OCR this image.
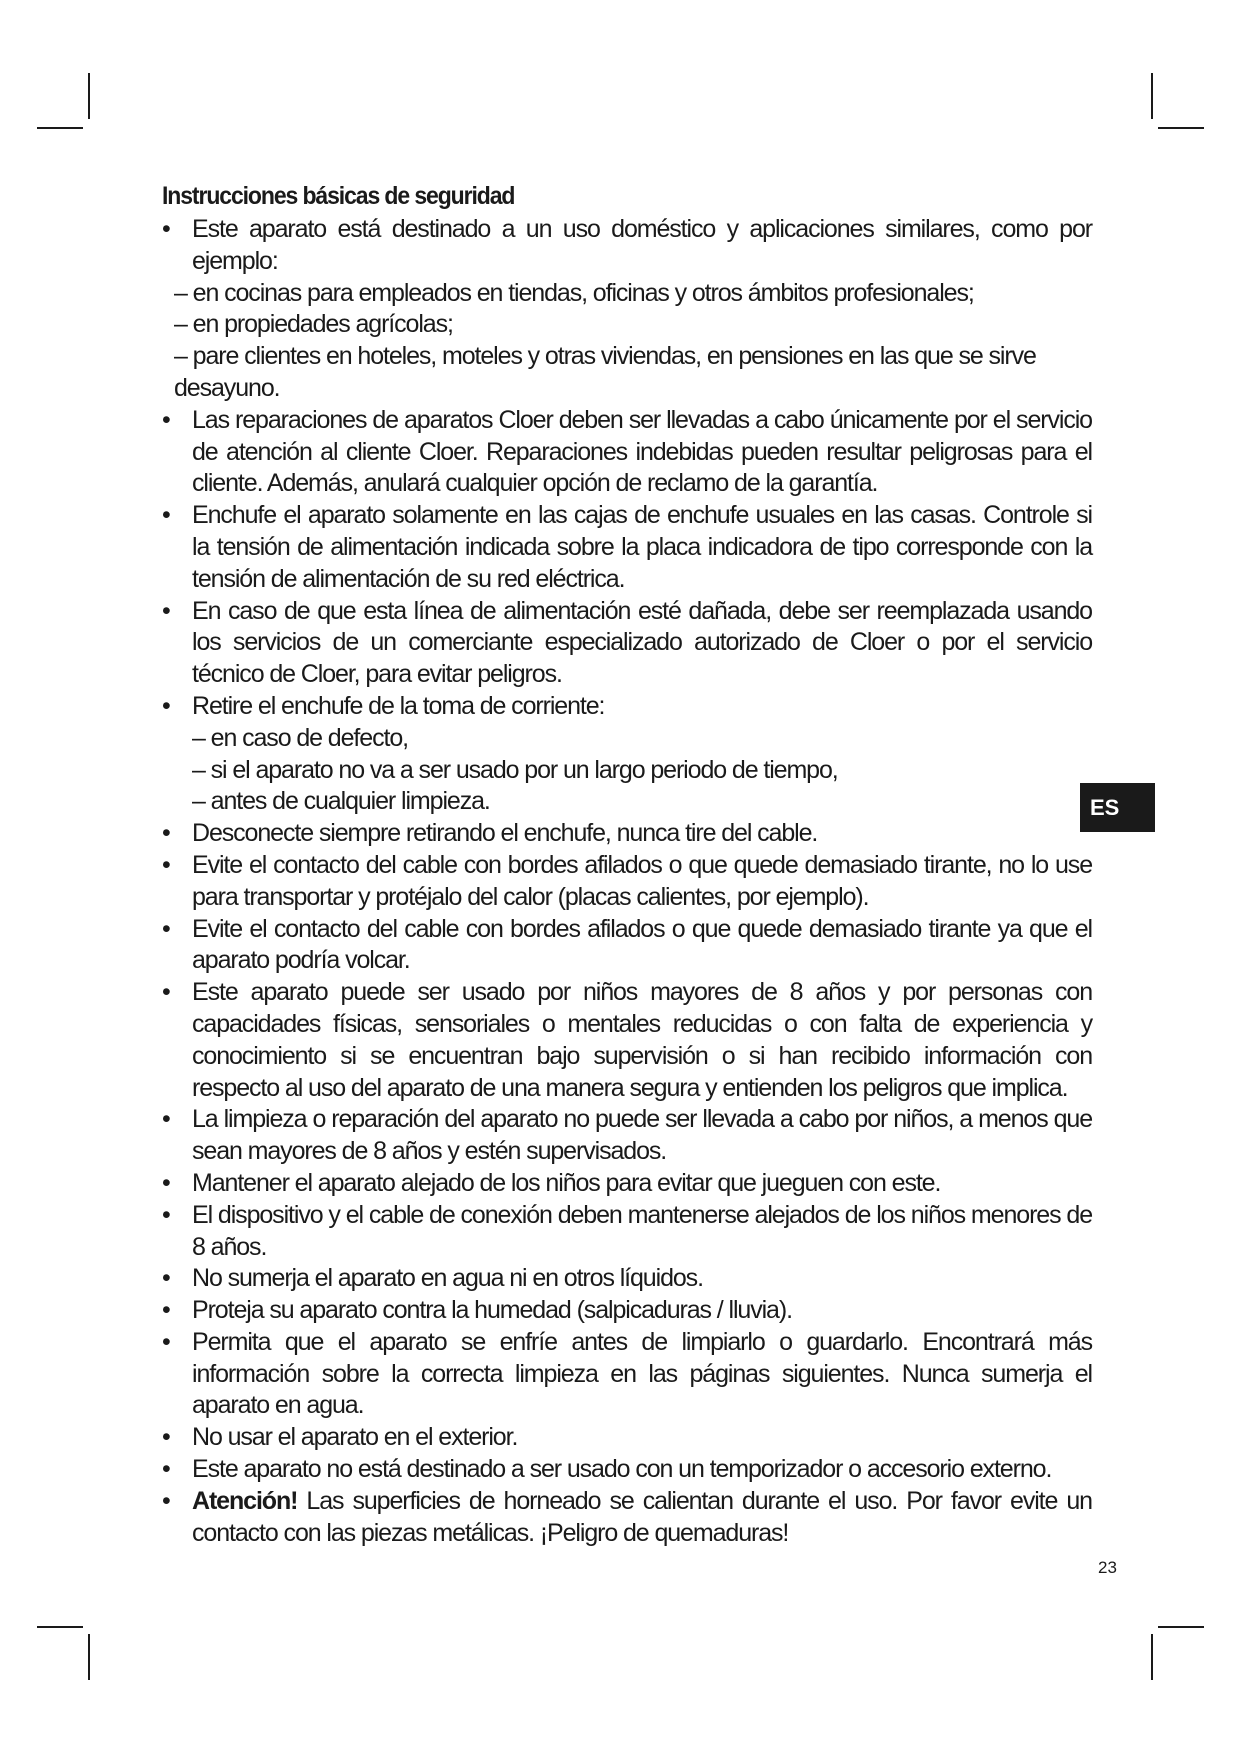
Instrucciones básicas de seguridad
• Este aparato está destinado a un uso doméstico y aplicaciones similares, como por ejemplo:
– en cocinas para empleados en tiendas, oficinas y otros ámbitos profesionales;
– en propiedades agrícolas;
– pare clientes en hoteles, moteles y otras viviendas, en pensiones en las que se sirve desayuno.
• Las reparaciones de aparatos Cloer deben ser llevadas a cabo únicamente por el servicio de atención al cliente Cloer. Reparaciones indebidas pueden resultar peligrosas para el cliente. Además, anulará cualquier opción de reclamo de la garantía.
• Enchufe el aparato solamente en las cajas de enchufe usuales en las casas. Controle si la tensión de alimentación indicada sobre la placa indicadora de tipo corresponde con la tensión de alimentación de su red eléctrica.
• En caso de que esta línea de alimentación esté dañada, debe ser reemplazada usando los servicios de un comerciante especializado autorizado de Cloer o por el servicio técnico de Cloer, para evitar peligros.
• Retire el enchufe de la toma de corriente:
– en caso de defecto,
– si el aparato no va a ser usado por un largo periodo de tiempo,
– antes de cualquier limpieza.
• Desconecte siempre retirando el enchufe, nunca tire del cable.
• Evite el contacto del cable con bordes afilados o que quede demasiado tirante, no lo use para transportar y protéjalo del calor (placas calientes, por ejemplo).
• Evite el contacto del cable con bordes afilados o que quede demasiado tirante ya que el aparato podría volcar.
• Este aparato puede ser usado por niños mayores de 8 años y por personas con capacidades físicas, sensoriales o mentales reducidas o con falta de experiencia y conocimiento si se encuentran bajo supervisión o si han recibido información con respecto al uso del aparato de una manera segura y entienden los peligros que implica.
• La limpieza o reparación del aparato no puede ser llevada a cabo por niños, a menos que sean mayores de 8 años y estén supervisados.
• Mantener el aparato alejado de los niños para evitar que jueguen con este.
• El dispositivo y el cable de conexión deben mantenerse alejados de los niños menores de 8 años.
• No sumerja el aparato en agua ni en otros líquidos.
• Proteja su aparato contra la humedad (salpicaduras / lluvia).
• Permita que el aparato se enfríe antes de limpiarlo o guardarlo. Encontrará más información sobre la correcta limpieza en las páginas siguientes. Nunca sumerja el aparato en agua.
• No usar el aparato en el exterior.
• Este aparato no está destinado a ser usado con un temporizador o accesorio externo.
• Atención! Las superficies de horneado se calientan durante el uso. Por favor evite un contacto con las piezas metálicas. ¡Peligro de quemaduras!
ES
23
